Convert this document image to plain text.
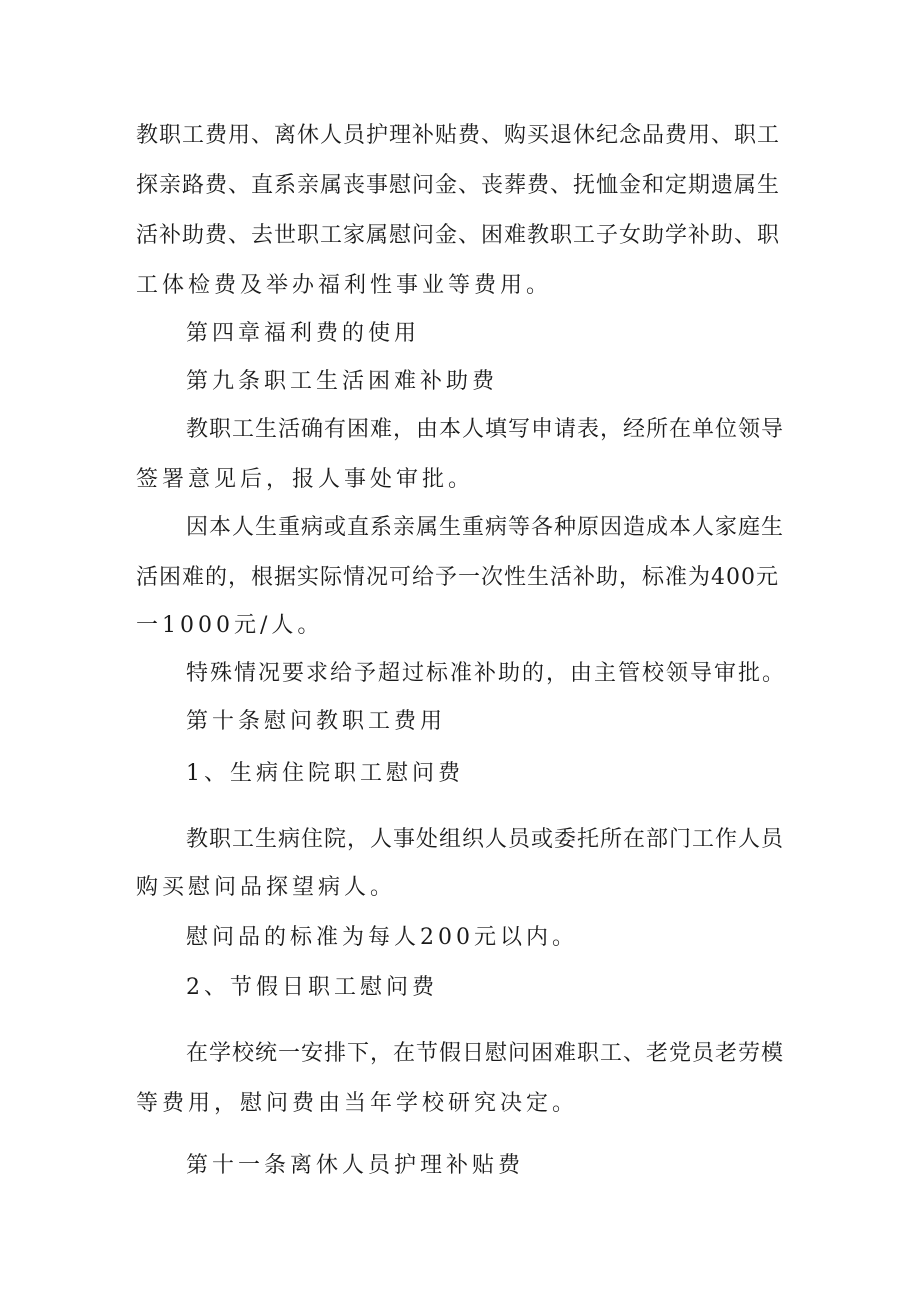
教职工费用、离休人员护理补贴费、购买退休纪念品费用、职工
探亲路费、直系亲属丧事慰问金、丧葬费、抚恤金和定期遗属生
活补助费、去世职工家属慰问金、困难教职工子女助学补助、职
工体检费及举办福利性事业等费用。
第四章福利费的使用
第九条职工生活困难补助费
教职工生活确有困难，由本人填写申请表，经所在单位领导
签署意见后，报人事处审批。
因本人生重病或直系亲属生重病等各种原因造成本人家庭生
活困难的，根据实际情况可给予一次性生活补助，标准为400元
一1000元/人。
特殊情况要求给予超过标准补助的，由主管校领导审批。
第十条慰问教职工费用
1、生病住院职工慰问费
教职工生病住院，人事处组织人员或委托所在部门工作人员
购买慰问品探望病人。
慰问品的标准为每人200元以内。
2、节假日职工慰问费
在学校统一安排下，在节假日慰问困难职工、老党员老劳模
等费用，慰问费由当年学校研究决定。
第十一条离休人员护理补贴费
